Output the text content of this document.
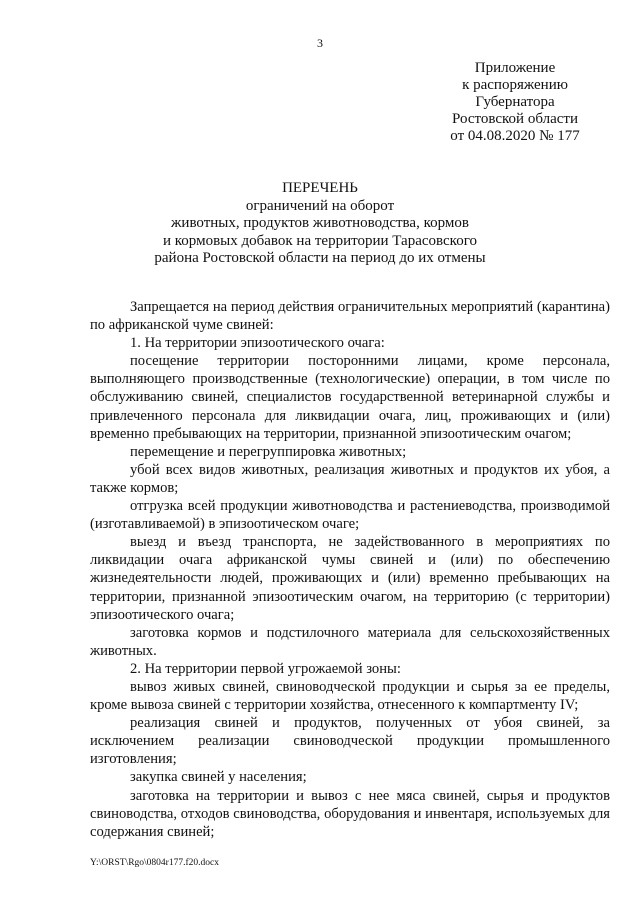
3
Приложение
к распоряжению
Губернатора
Ростовской области
от 04.08.2020 № 177
ПЕРЕЧЕНЬ
ограничений на оборот
животных, продуктов животноводства, кормов
и кормовых добавок на территории Тарасовского
района Ростовской области на период до их отмены

Запрещается на период действия ограничительных мероприятий (карантина) по африканской чуме свиней:

1. На территории эпизоотического очага:

посещение территории посторонними лицами, кроме персонала, выполняющего производственные (технологические) операции, в том числе по обслуживанию свиней, специалистов государственной ветеринарной службы и привлеченного персонала для ликвидации очага, лиц, проживающих и (или) временно пребывающих на территории, признанной эпизоотическим очагом;

перемещение и перегруппировка животных;

убой всех видов животных, реализация животных и продуктов их убоя, а также кормов;

отгрузка всей продукции животноводства и растениеводства, производимой (изготавливаемой) в эпизоотическом очаге;

выезд и въезд транспорта, не задействованного в мероприятиях по ликвидации очага африканской чумы свиней и (или) по обеспечению жизнедеятельности людей, проживающих и (или) временно пребывающих на территории, признанной эпизоотическим очагом, на территорию (с территории) эпизоотического очага;

заготовка кормов и подстилочного материала для сельскохозяйственных животных.

2. На территории первой угрожаемой зоны:

вывоз живых свиней, свиноводческой продукции и сырья за ее пределы, кроме вывоза свиней с территории хозяйства, отнесенного к компартменту IV;

реализация свиней и продуктов, полученных от убоя свиней, за исключением реализации свиноводческой продукции промышленного изготовления;

закупка свиней у населения;

заготовка на территории и вывоз с нее мяса свиней, сырья и продуктов свиноводства, отходов свиноводства, оборудования и инвентаря, используемых для содержания свиней;

Y:\ORST\Rgo\0804r177.f20.docx
